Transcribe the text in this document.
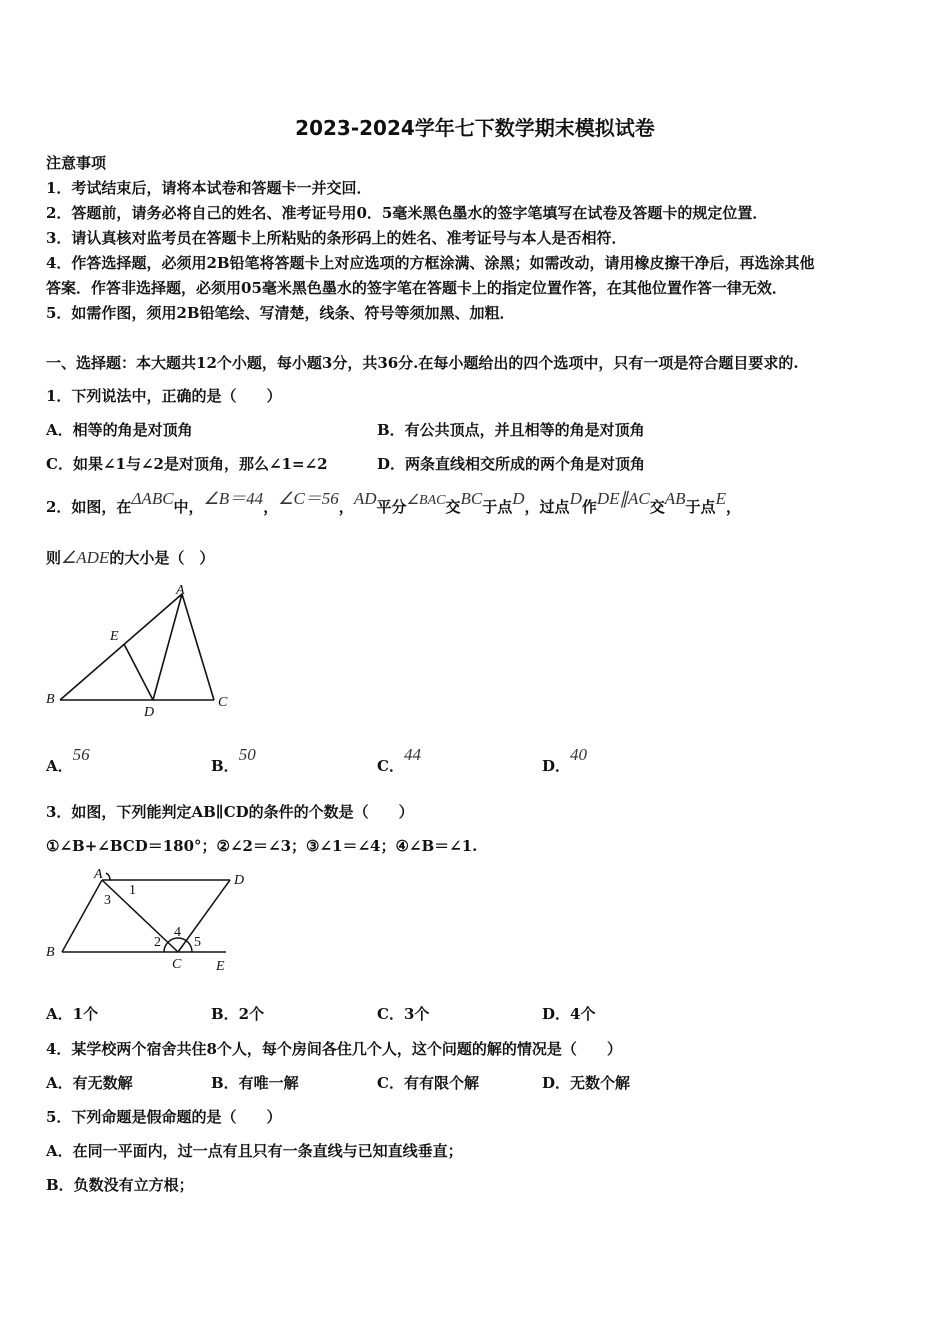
2023-2024学年七下数学期末模拟试卷
注意事项
1．考试结束后，请将本试卷和答题卡一并交回．
2．答题前，请务必将自己的姓名、准考证号用0．5毫米黑色墨水的签字笔填写在试卷及答题卡的规定位置．
3．请认真核对监考员在答题卡上所粘贴的条形码上的姓名、准考证号与本人是否相符．
4．作答选择题，必须用2B铅笔将答题卡上对应选项的方框涂满、涂黑；如需改动，请用橡皮擦干净后，再选涂其他
答案．作答非选择题，必须用05毫米黑色墨水的签字笔在答题卡上的指定位置作答，在其他位置作答一律无效．
5．如需作图，须用2B铅笔绘、写清楚，线条、符号等须加黑、加粗．
一、选择题：本大题共12个小题，每小题3分，共36分.在每小题给出的四个选项中，只有一项是符合题目要求的.
1．下列说法中，正确的是（　　）
A．相等的角是对顶角	B．有公共顶点，并且相等的角是对顶角
C．如果∠1与∠2是对顶角，那么∠1=∠2	D．两条直线相交所成的两个角是对顶角
2．如图，在ΔABC中，∠B＝44，∠C＝56，AD平分∠BAC交BC于点D，过点D作DE∥AC交AB于点E，
则∠ADE的大小是（　）
A
B	C
D
E
A．56
B．50
C．44
D．40
3．如图，下列能判定AB∥CD的条件的个数是（　　）
①∠B+∠BCD＝180°；②∠2＝∠3；③∠1＝∠4；④∠B＝∠1.
A	D
B
C E
1
3
2
4
5
A．1个	B．2个	C．3个	D．4个
4．某学校两个宿舍共住8个人，每个房间各住几个人，这个问题的解的情况是（　　）
A．有无数解	B．有唯一解	C．有有限个解	D．无数个解
5．下列命题是假命题的是（　　）
A．在同一平面内，过一点有且只有一条直线与已知直线垂直；
B．负数没有立方根；
